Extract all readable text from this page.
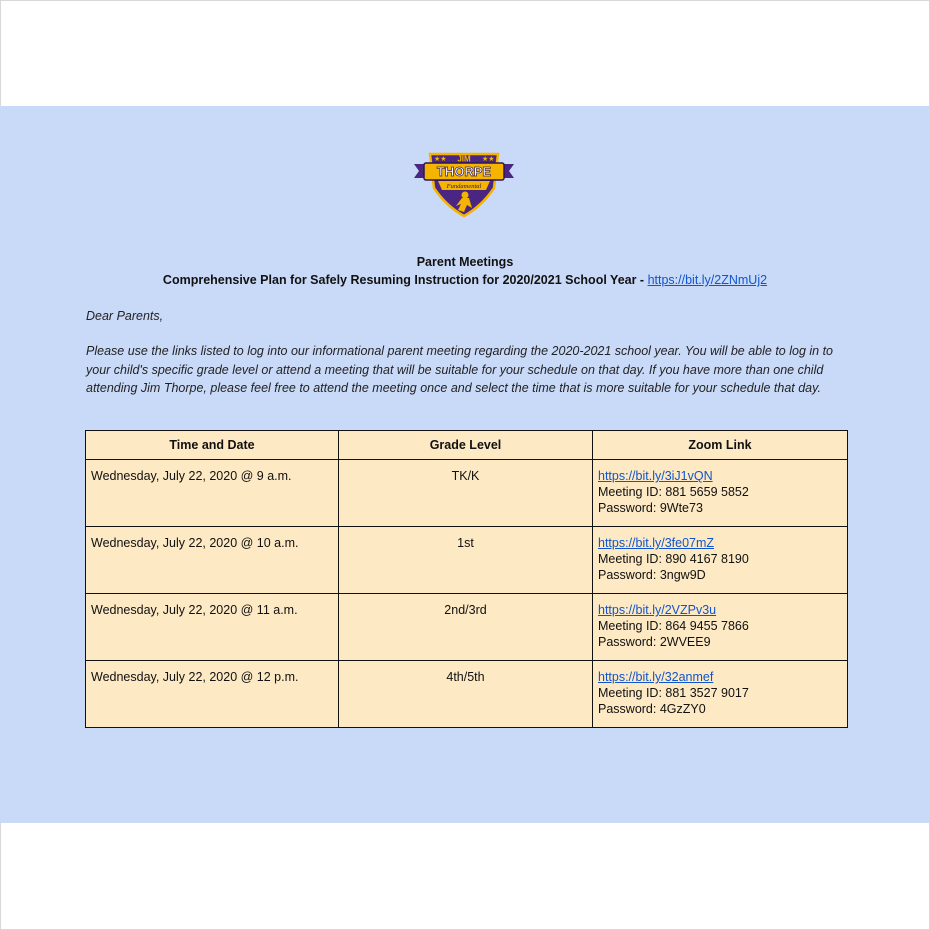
★★	★★
JIM
THORPE
Fundamental
Parent Meetings
Comprehensive Plan for Safely Resuming Instruction for 2020/2021 School Year - https://bit.ly/2ZNmUj2
Dear Parents,
Please use the links listed to log into our informational parent meeting regarding the 2020-2021 school year. You will be able to log in to your child's specific grade level or attend a meeting that will be suitable for your schedule on that day. If you have more than one child attending Jim Thorpe, please feel free to attend the meeting once and select the time that is more suitable for your schedule that day.
Time and Date	Grade Level	Zoom Link
Wednesday, July 22, 2020 @ 9 a.m.	TK/K	https://bit.ly/3iJ1vQN
Meeting ID: 881 5659 5852
Password: 9Wte73
Wednesday, July 22, 2020 @ 10 a.m.	1st	https://bit.ly/3fe07mZ
Meeting ID: 890 4167 8190
Password: 3ngw9D
Wednesday, July 22, 2020 @ 11 a.m.	2nd/3rd	https://bit.ly/2VZPv3u
Meeting ID: 864 9455 7866
Password: 2WVEE9
Wednesday, July 22, 2020 @ 12 p.m.	4th/5th	https://bit.ly/32anmef
Meeting ID: 881 3527 9017
Password: 4GzZY0
